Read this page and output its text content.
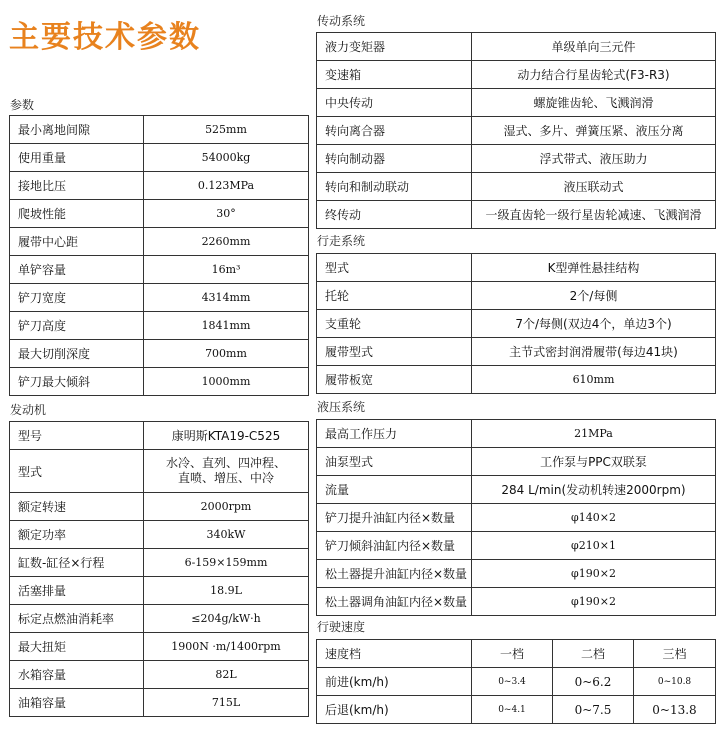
主要技术参数
参数
最小离地间隙	525mm
使用重量	54000kg
接地比压	0.123MPa
爬坡性能	30°
履带中心距	2260mm
单铲容量	16m³
铲刀宽度	4314mm
铲刀高度	1841mm
最大切削深度	700mm
铲刀最大倾斜	1000mm
发动机
型号	康明斯KTA19-C525
型式	水冷、直列、四冲程、直喷、增压、中冷
额定转速	2000rpm
额定功率	340kW
缸数-缸径×行程	6-159×159mm
活塞排量	18.9L
标定点燃油消耗率	≤204g/kW·h
最大扭矩	1900N ·m/1400rpm
水箱容量	82L
油箱容量	715L
传动系统
液力变矩器	单级单向三元件
变速箱	动力结合行星齿轮式(F3-R3)
中央传动	螺旋锥齿轮、飞溅润滑
转向离合器	湿式、多片、弹簧压紧、液压分离
转向制动器	浮式带式、液压助力
转向和制动联动	液压联动式
终传动	一级直齿轮一级行星齿轮减速、飞溅润滑
行走系统
型式	K型弹性悬挂结构
托轮	2个/每侧
支重轮	7个/每侧(双边4个，单边3个)
履带型式	主节式密封润滑履带(每边41块)
履带板宽	610mm
液压系统
最高工作压力	21MPa
油泵型式	工作泵与PPC双联泵
流量	284 L/min(发动机转速2000rpm)
铲刀提升油缸内径×数量	φ140×2
铲刀倾斜油缸内径×数量	φ210×1
松土器提升油缸内径×数量	φ190×2
松土器调角油缸内径×数量	φ190×2
行驶速度
速度档	一档	二档	三档
前进(km/h)	0~3.4	0~6.2	0~10.8
后退(km/h)	0~4.1	0~7.5	0~13.8
